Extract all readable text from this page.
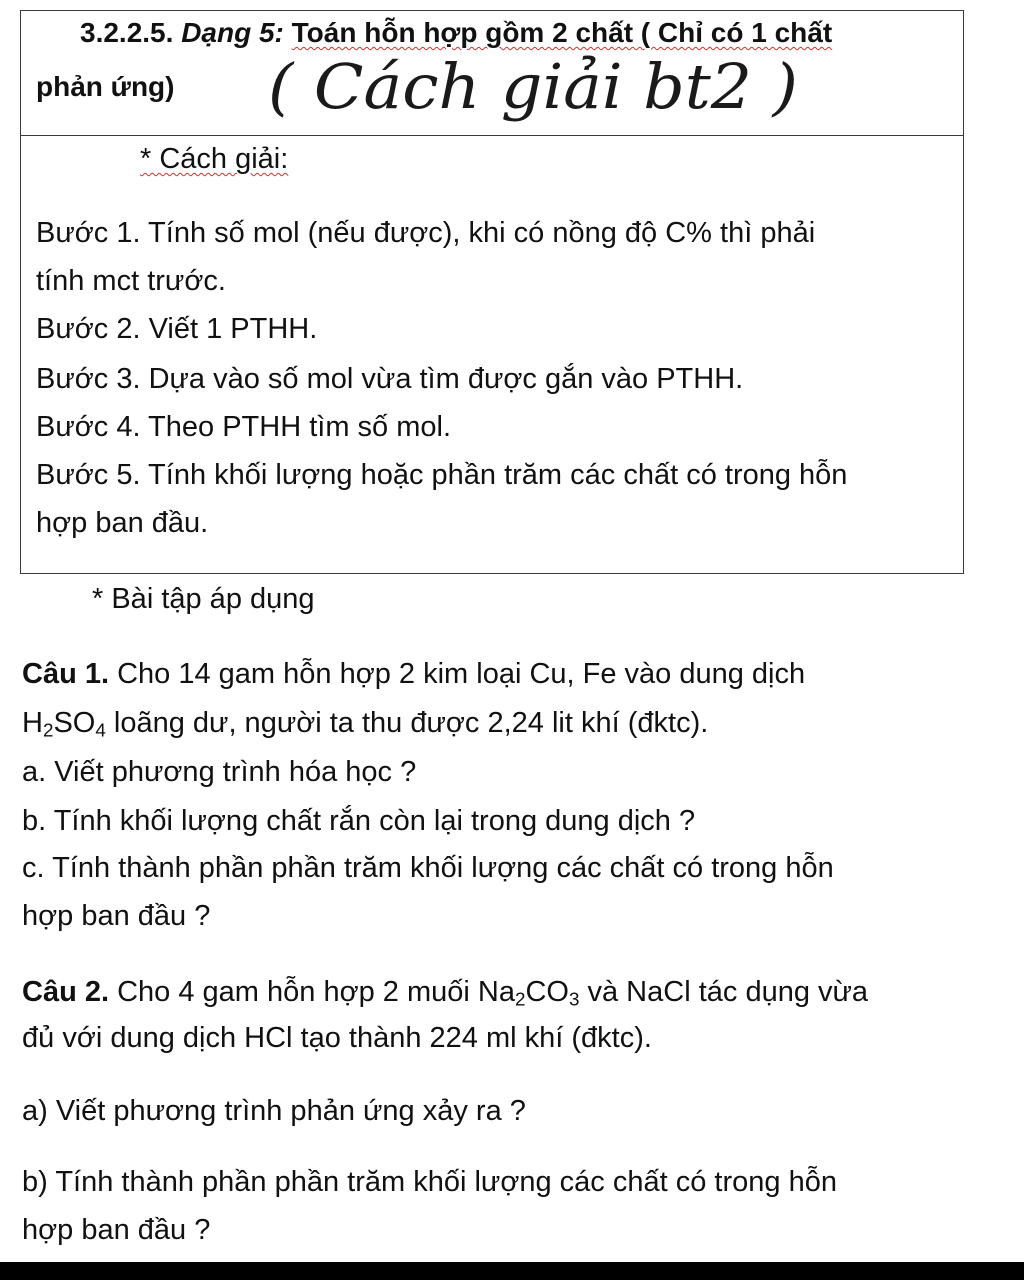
3.2.2.5. Dạng 5: Toán hỗn hợp gồm 2 chất ( Chỉ có 1 chất
phản ứng) ( Cách giải bt2 )
* Cách giải:
Bước 1. Tính số mol (nếu được), khi có nồng độ C% thì phải
tính mct trước.
Bước 2. Viết 1 PTHH.
Bước 3. Dựa vào số mol vừa tìm được gắn vào PTHH.
Bước 4. Theo PTHH tìm số mol.
Bước 5. Tính khối lượng hoặc phần trăm các chất có trong hỗn
hợp ban đầu.
* Bài tập áp dụng
Câu 1. Cho 14 gam hỗn hợp 2 kim loại Cu, Fe vào dung dịch
$H_2SO_4$ loãng dư, người ta thu được 2,24 lit khí (đktc).
a. Viết phương trình hóa học ?
b. Tính khối lượng chất rắn còn lại trong dung dịch ?
c. Tính thành phần phần trăm khối lượng các chất có trong hỗn
hợp ban đầu ?
Câu 2. Cho 4 gam hỗn hợp 2 muối $Na_2CO_3$ và NaCl tác dụng vừa
đủ với dung dịch HCl tạo thành 224 ml khí (đktc).
a) Viết phương trình phản ứng xảy ra ?
b) Tính thành phần phần trăm khối lượng các chất có trong hỗn
hợp ban đầu ?
